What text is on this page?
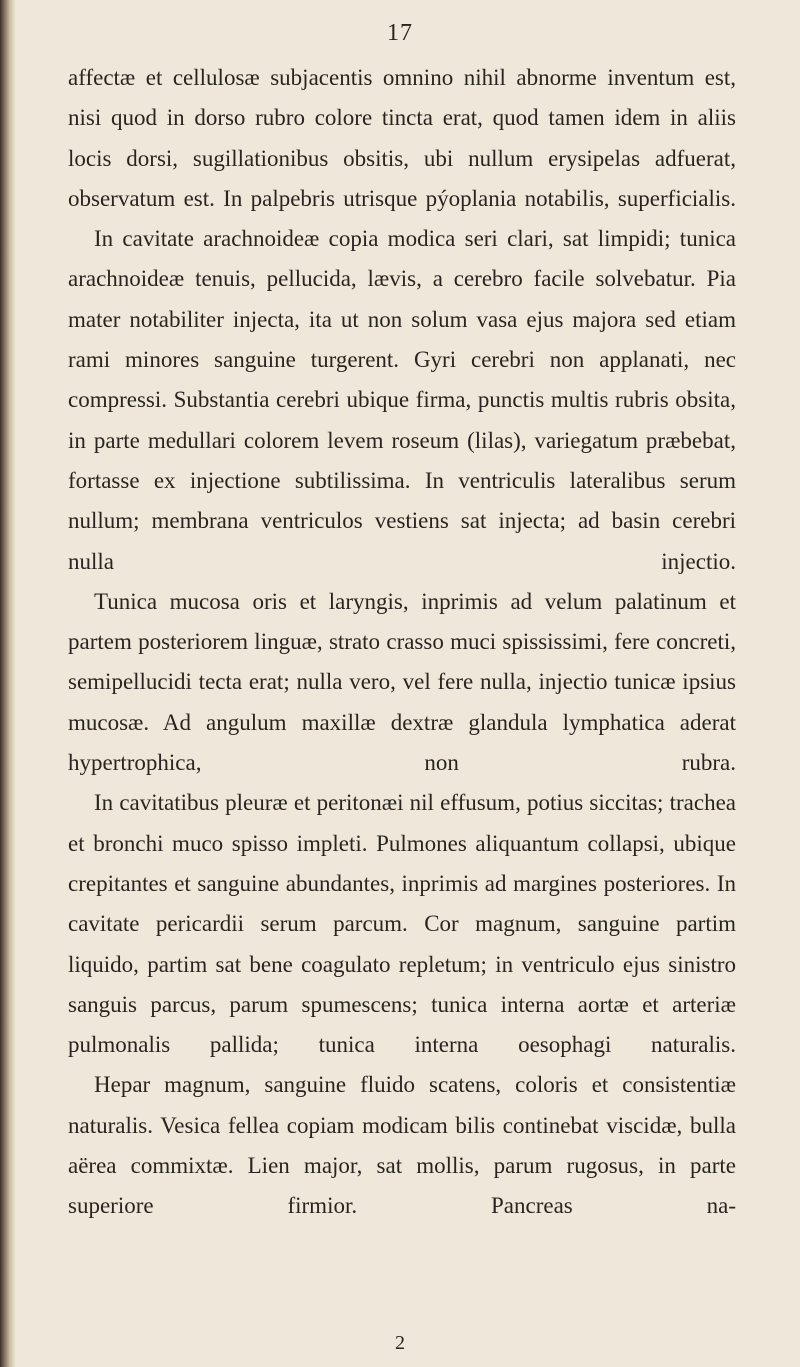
17

affectæ et cellulosæ subjacentis omnino nihil abnorme inventum est, nisi quod in dorso rubro colore tincta erat, quod tamen idem in aliis locis dorsi, sugillationibus obsitis, ubi nullum erysipelas adfuerat, observatum est. In palpebris utrisque pýoplania notabilis, superficialis.

In cavitate arachnoideæ copia modica seri clari, sat limpidi; tunica arachnoideæ tenuis, pellucida, lævis, a cerebro facile solvebatur. Pia mater notabiliter injecta, ita ut non solum vasa ejus majora sed etiam rami minores sanguine turgerent. Gyri cerebri non applanati, nec compressi. Substantia cerebri ubique firma, punctis multis rubris obsita, in parte medullari colorem levem roseum (lilas), variegatum præbebat, fortasse ex injectione subtilissima. In ventriculis lateralibus serum nullum; membrana ventriculos vestiens sat injecta; ad basin cerebri nulla injectio.

Tunica mucosa oris et laryngis, inprimis ad velum palatinum et partem posteriorem linguæ, strato crasso muci spississimi, fere concreti, semipellucidi tecta erat; nulla vero, vel fere nulla, injectio tunicæ ipsius mucosæ. Ad angulum maxillæ dextræ glandula lymphatica aderat hypertrophica, non rubra.

In cavitatibus pleuræ et peritonæi nil effusum, potius siccitas; trachea et bronchi muco spisso impleti. Pulmones aliquantum collapsi, ubique crepitantes et sanguine abundantes, inprimis ad margines posteriores. In cavitate pericardii serum parcum. Cor magnum, sanguine partim liquido, partim sat bene coagulato repletum; in ventriculo ejus sinistro sanguis parcus, parum spumescens; tunica interna aortæ et arteriæ pulmonalis pallida; tunica interna oesophagi naturalis.

Hepar magnum, sanguine fluido scatens, coloris et consistentiæ naturalis. Vesica fellea copiam modicam bilis continebat viscidæ, bulla aërea commixtæ. Lien major, sat mollis, parum rugosus, in parte superiore firmior. Pancreas na-

2
